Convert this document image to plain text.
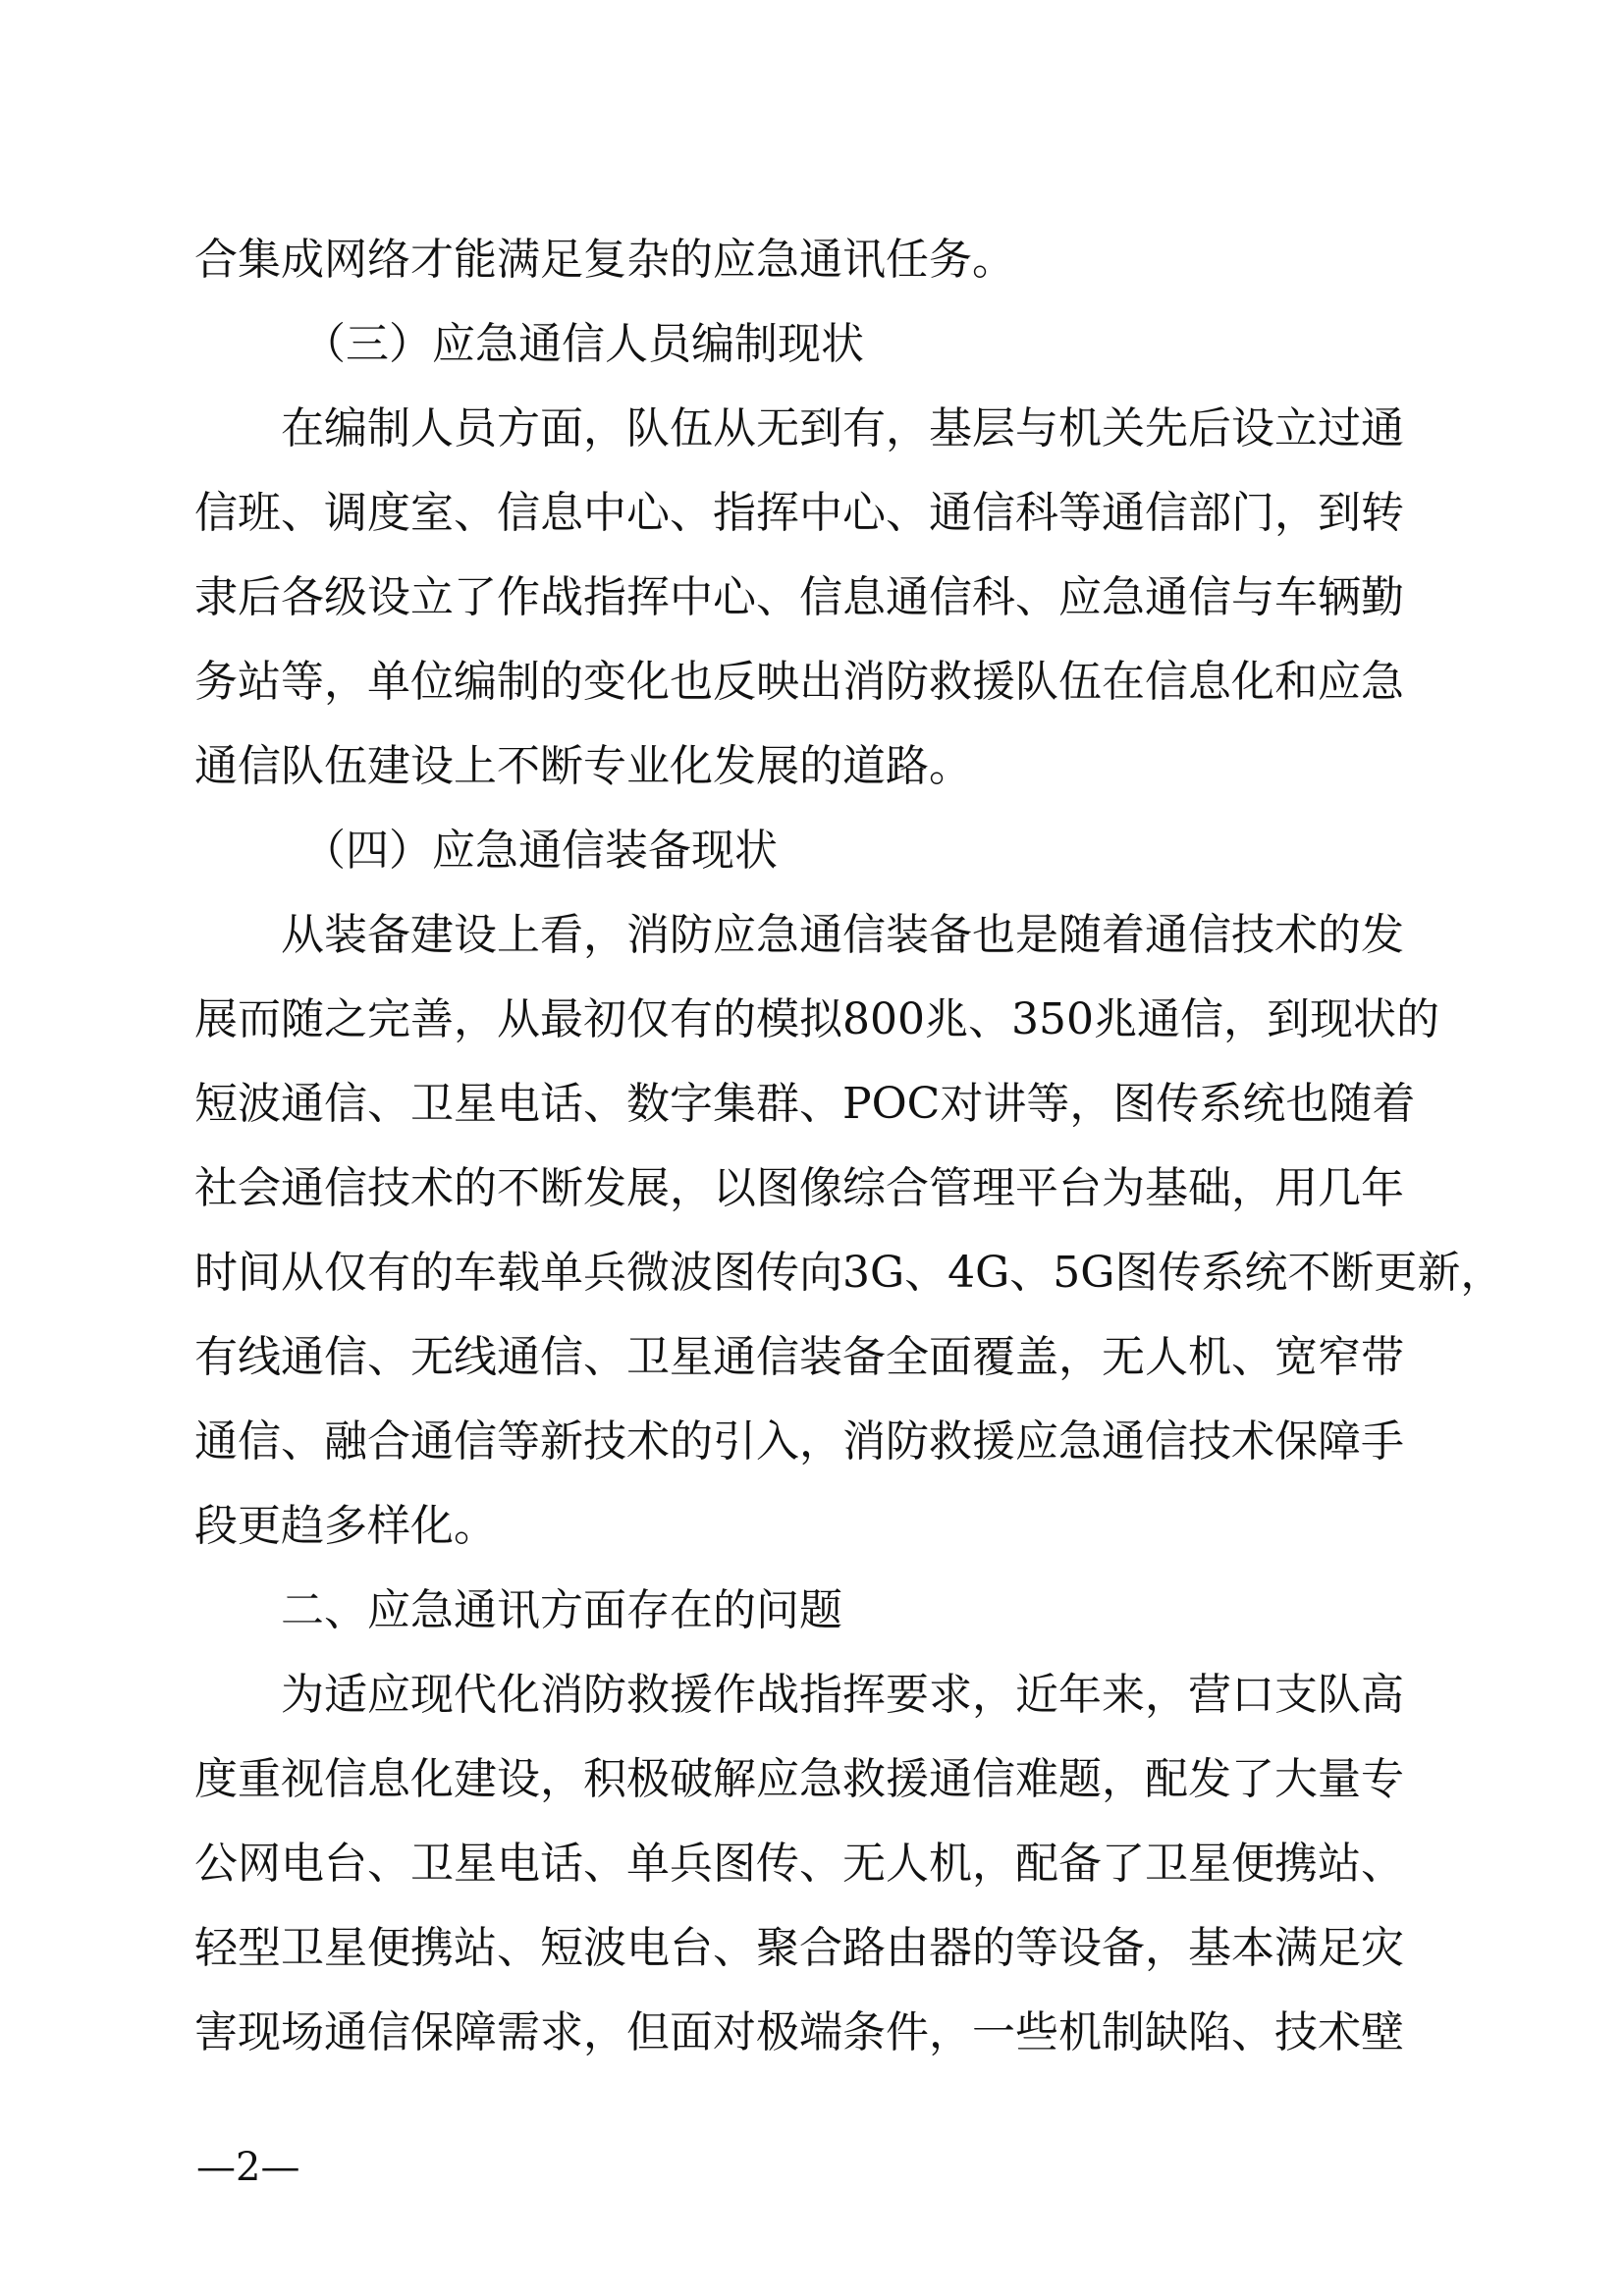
合集成网络才能满足复杂的应急通讯任务。
（三）应急通信人员编制现状
在编制人员方面，队伍从无到有，基层与机关先后设立过通
信班、调度室、信息中心、指挥中心、通信科等通信部门，到转
隶后各级设立了作战指挥中心、信息通信科、应急通信与车辆勤
务站等，单位编制的变化也反映出消防救援队伍在信息化和应急
通信队伍建设上不断专业化发展的道路。
（四）应急通信装备现状
从装备建设上看，消防应急通信装备也是随着通信技术的发
展而随之完善，从最初仅有的模拟800兆、350兆通信，到现状的
短波通信、卫星电话、数字集群、POC对讲等，图传系统也随着
社会通信技术的不断发展，以图像综合管理平台为基础，用几年
时间从仅有的车载单兵微波图传向3G、4G、5G图传系统不断更新，
有线通信、无线通信、卫星通信装备全面覆盖，无人机、宽窄带
通信、融合通信等新技术的引入，消防救援应急通信技术保障手
段更趋多样化。
二、应急通讯方面存在的问题
为适应现代化消防救援作战指挥要求，近年来，营口支队高
度重视信息化建设，积极破解应急救援通信难题，配发了大量专
公网电台、卫星电话、单兵图传、无人机，配备了卫星便携站、
轻型卫星便携站、短波电台、聚合路由器的等设备，基本满足灾
害现场通信保障需求，但面对极端条件，一些机制缺陷、技术壁
—2—
